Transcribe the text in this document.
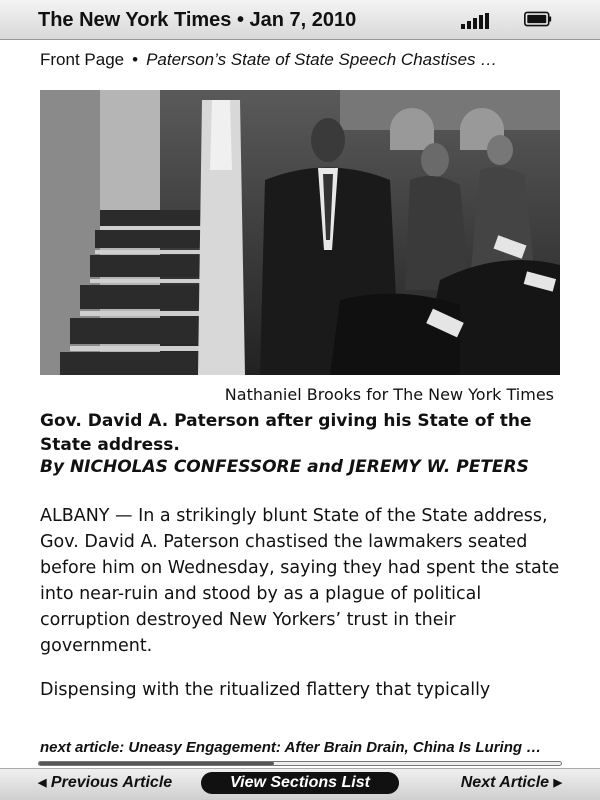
The New York Times • Jan 7, 2010
Front Page • Paterson’s State of State Speech Chastises …
Nathaniel Brooks for The New York Times
Gov. David A. Paterson after giving his State of the State address.
By NICHOLAS CONFESSORE and JEREMY W. PETERS
ALBANY — In a strikingly blunt State of the State address, Gov. David A. Paterson chastised the lawmakers seated before him on Wednesday, saying they had spent the state into near-ruin and stood by as a plague of political corruption destroyed New Yorkers’ trust in their government.
Dispensing with the ritualized flattery that typically
next article: Uneasy Engagement: After Brain Drain, China Is Luring …
◀ Previous Article	View Sections List	Next Article ▶
